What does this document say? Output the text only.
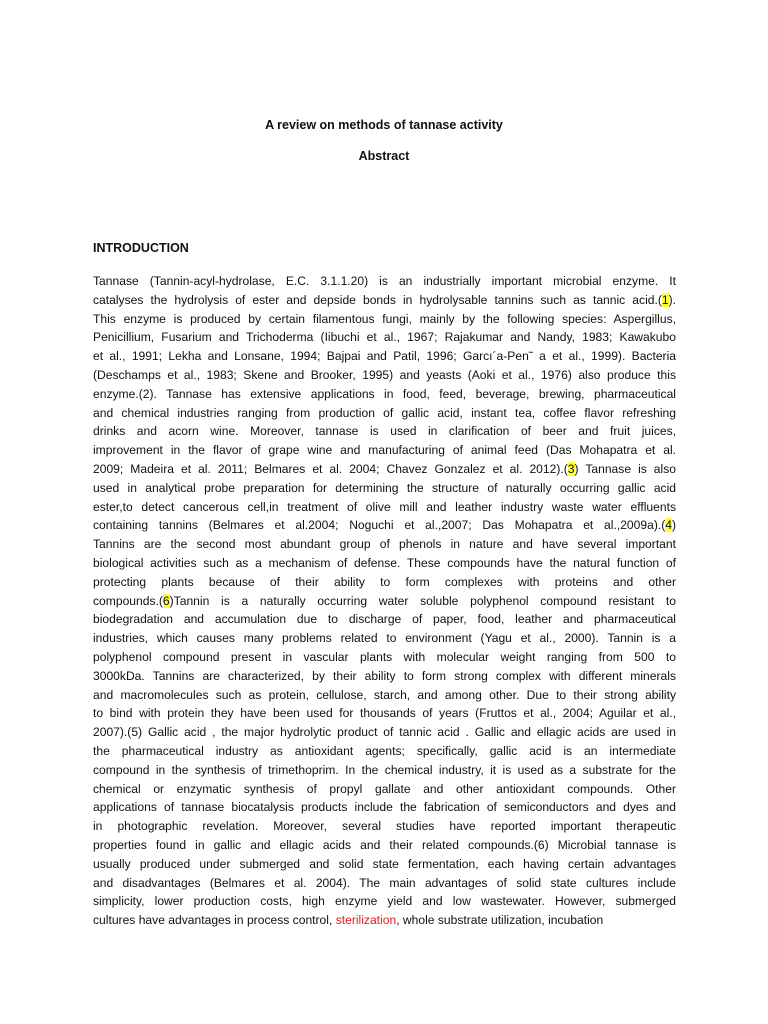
A review on methods of tannase activity
Abstract
INTRODUCTION
Tannase (Tannin-acyl-hydrolase, E.C. 3.1.1.20) is an industrially important microbial enzyme. It
catalyses the hydrolysis of ester and depside bonds in hydrolysable tannins such as tannic acid.(1).
This enzyme is produced by certain filamentous fungi, mainly by the following species: Aspergillus,
Penicillium, Fusarium and Trichoderma (Iibuchi et al., 1967; Rajakumar and Nandy, 1983; Kawakubo
et al., 1991; Lekha and Lonsane, 1994; Bajpai and Patil, 1996; Garcı´a-Pen˜ a et al., 1999). Bacteria
(Deschamps et al., 1983; Skene and Brooker, 1995) and yeasts (Aoki et al., 1976) also produce this
enzyme.(2). Tannase has extensive applications in food, feed, beverage, brewing, pharmaceutical
and chemical industries ranging from production of gallic acid, instant tea, coffee flavor refreshing
drinks and acorn wine. Moreover, tannase is used in clarification of beer and fruit juices,
improvement in the flavor of grape wine and manufacturing of animal feed (Das Mohapatra et al.
2009; Madeira et al. 2011; Belmares et al. 2004; Chavez Gonzalez et al. 2012).(3) Tannase is also
used in analytical probe preparation for determining the structure of naturally occurring gallic acid
ester,to detect cancerous cell,in treatment of olive mill and leather industry waste water effluents
containing tannins (Belmares et al.2004; Noguchi et al.,2007; Das Mohapatra et al.,2009a).(4)
Tannins are the second most abundant group of phenols in nature and have several important
biological activities such as a mechanism of defense. These compounds have the natural function of
protecting plants because of their ability to form complexes with proteins and other
compounds.(6)Tannin is a naturally occurring water soluble polyphenol compound resistant to
biodegradation and accumulation due to discharge of paper, food, leather and pharmaceutical
industries, which causes many problems related to environment (Yagu et al., 2000). Tannin is a
polyphenol compound present in vascular plants with molecular weight ranging from 500 to
3000kDa. Tannins are characterized, by their ability to form strong complex with different minerals
and macromolecules such as protein, cellulose, starch, and among other. Due to their strong ability
to bind with protein they have been used for thousands of years (Fruttos et al., 2004; Aguilar et al.,
2007).(5) Gallic acid , the major hydrolytic product of tannic acid . Gallic and ellagic acids are used in
the pharmaceutical industry as antioxidant agents; specifically, gallic acid is an intermediate
compound in the synthesis of trimethoprim. In the chemical industry, it is used as a substrate for the
chemical or enzymatic synthesis of propyl gallate and other antioxidant compounds. Other
applications of tannase biocatalysis products include the fabrication of semiconductors and dyes and
in photographic revelation. Moreover, several studies have reported important therapeutic
properties found in gallic and ellagic acids and their related compounds.(6) Microbial tannase is
usually produced under submerged and solid state fermentation, each having certain advantages
and disadvantages (Belmares et al. 2004). The main advantages of solid state cultures include
simplicity, lower production costs, high enzyme yield and low wastewater. However, submerged
cultures have advantages in process control, sterilization, whole substrate utilization, incubation
